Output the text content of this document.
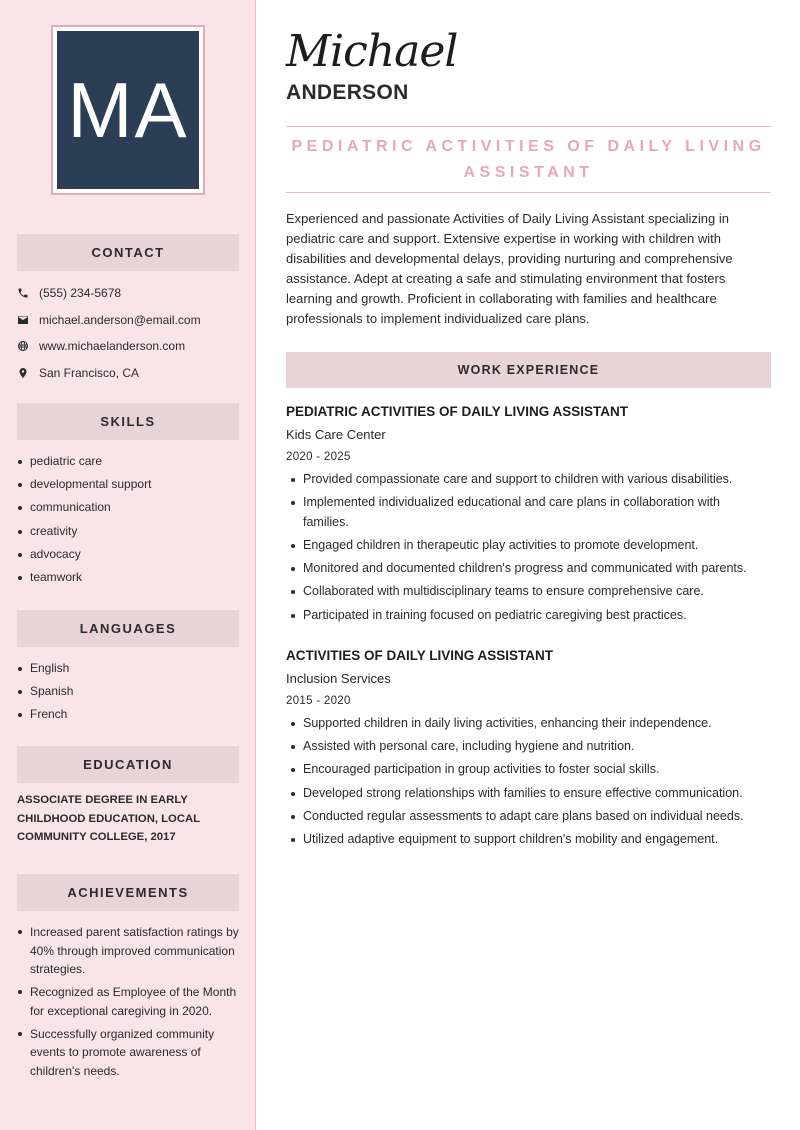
MA
CONTACT
(555) 234-5678
michael.anderson@email.com
www.michaelanderson.com
San Francisco, CA
SKILLS
pediatric care
developmental support
communication
creativity
advocacy
teamwork
LANGUAGES
English
Spanish
French
EDUCATION
ASSOCIATE DEGREE IN EARLY CHILDHOOD EDUCATION, LOCAL COMMUNITY COLLEGE, 2017
ACHIEVEMENTS
Increased parent satisfaction ratings by 40% through improved communication strategies.
Recognized as Employee of the Month for exceptional caregiving in 2020.
Successfully organized community events to promote awareness of children's needs.
Michael
ANDERSON
PEDIATRIC ACTIVITIES OF DAILY LIVING ASSISTANT
Experienced and passionate Activities of Daily Living Assistant specializing in pediatric care and support. Extensive expertise in working with children with disabilities and developmental delays, providing nurturing and comprehensive assistance. Adept at creating a safe and stimulating environment that fosters learning and growth. Proficient in collaborating with families and healthcare professionals to implement individualized care plans.
WORK EXPERIENCE
PEDIATRIC ACTIVITIES OF DAILY LIVING ASSISTANT
Kids Care Center
2020 - 2025
Provided compassionate care and support to children with various disabilities.
Implemented individualized educational and care plans in collaboration with families.
Engaged children in therapeutic play activities to promote development.
Monitored and documented children's progress and communicated with parents.
Collaborated with multidisciplinary teams to ensure comprehensive care.
Participated in training focused on pediatric caregiving best practices.
ACTIVITIES OF DAILY LIVING ASSISTANT
Inclusion Services
2015 - 2020
Supported children in daily living activities, enhancing their independence.
Assisted with personal care, including hygiene and nutrition.
Encouraged participation in group activities to foster social skills.
Developed strong relationships with families to ensure effective communication.
Conducted regular assessments to adapt care plans based on individual needs.
Utilized adaptive equipment to support children's mobility and engagement.
